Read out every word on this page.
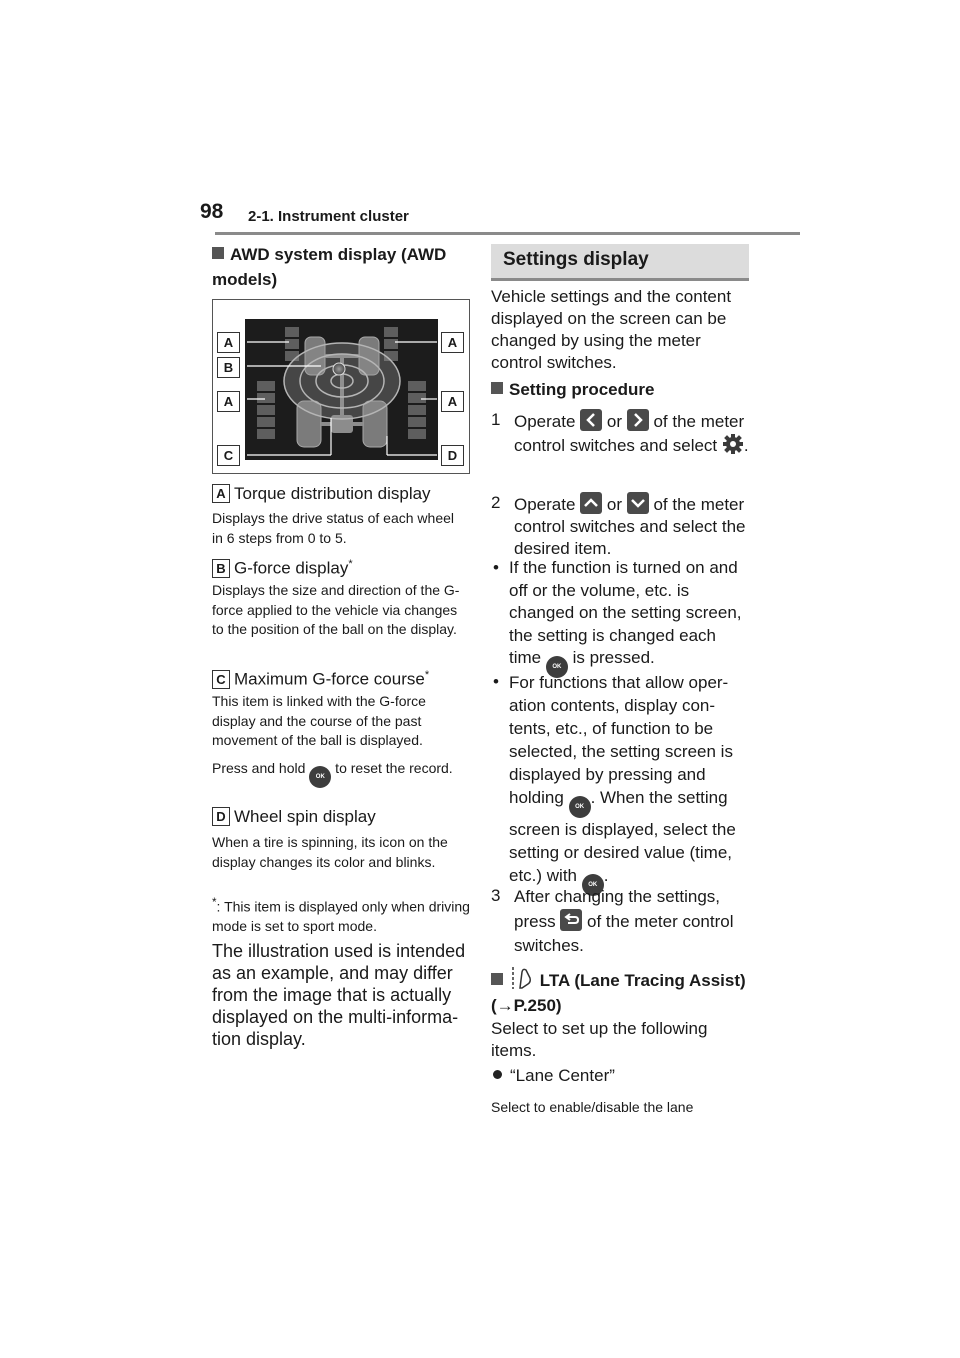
98 2-1. Instrument cluster
AWD system display (AWD models)
A	A
B
A	A
C	D
A Torque distribution display
Displays the drive status of each wheel in 6 steps from 0 to 5.
B G-force display*
Displays the size and direction of the G-force applied to the vehicle via changes to the position of the ball on the display.
C Maximum G-force course*
This item is linked with the G-force display and the course of the past movement of the ball is displayed.
Press and hold OK to reset the record.
D Wheel spin display
When a tire is spinning, its icon on the display changes its color and blinks.
*: This item is displayed only when driving mode is set to sport mode.
The illustration used is intended as an example, and may differ from the image that is actually displayed on the multi-informa- tion display.
Settings display
Vehicle settings and the content displayed on the screen can be changed by using the meter control switches.
Setting procedure
1 Operate  or  of the meter control switches and select .
2 Operate  or  of the meter control switches and select the desired item.
• If the function is turned on and off or the volume, etc. is changed on the setting screen, the setting is changed each time OK is pressed.
• For functions that allow oper- ation contents, display con- tents, etc., of function to be selected, the setting screen is displayed by pressing and holding OK . When the setting screen is displayed, select the setting or desired value (time, etc.) with OK .
3 After changing the settings, press  of the meter control switches.
LTA (Lane Tracing Assist) (→P.250)
Select to set up the following items.
“Lane Center”
Select to enable/disable the lane
